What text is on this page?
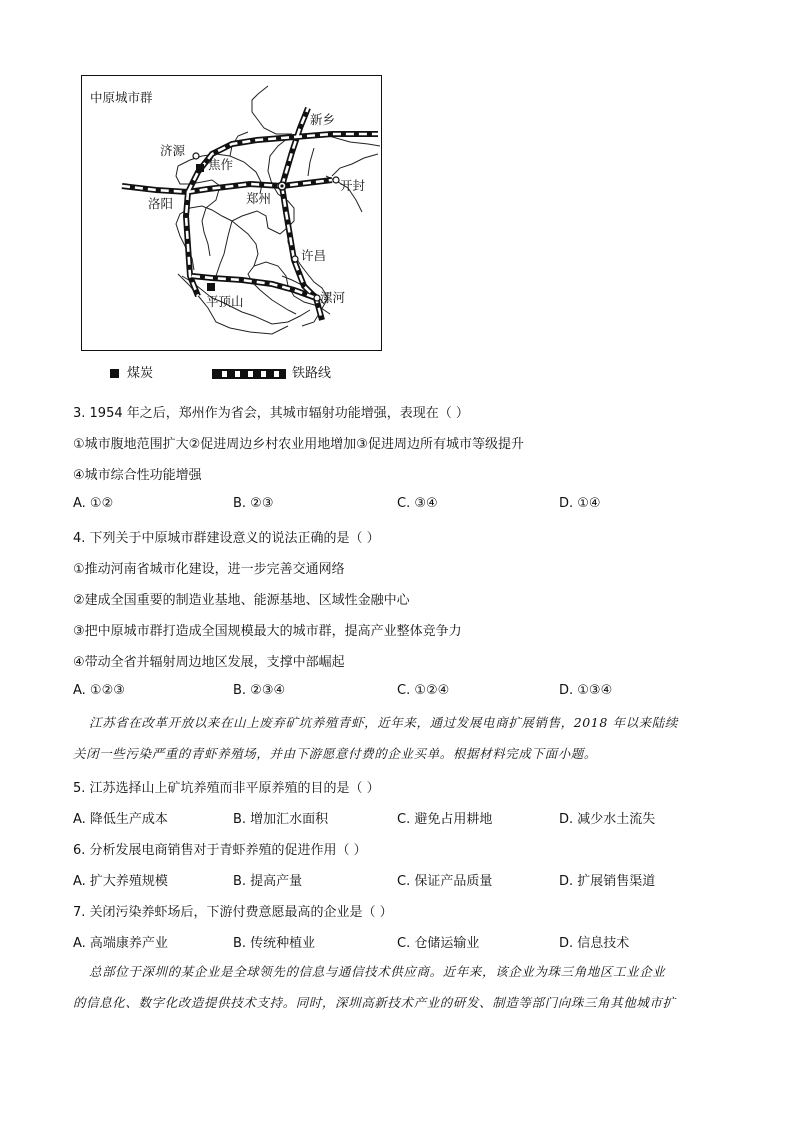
中原城市群
济源
焦作
新乡
开封
洛阳	郑州
许昌
平顶山	漯河
煤炭	铁路线
3. 1954 年之后，郑州作为省会，其城市辐射功能增强，表现在（ ）
①城市腹地范围扩大②促进周边乡村农业用地增加③促进周边所有城市等级提升
④城市综合性功能增强
A. ①②	B. ②③	C. ③④	D. ①④
4. 下列关于中原城市群建设意义的说法正确的是（ ）
①推动河南省城市化建设，进一步完善交通网络
②建成全国重要的制造业基地、能源基地、区域性金融中心
③把中原城市群打造成全国规模最大的城市群，提高产业整体竞争力
④带动全省并辐射周边地区发展，支撑中部崛起
A. ①②③	B. ②③④	C. ①②④	D. ①③④
江苏省在改革开放以来在山上废弃矿坑养殖青虾，近年来，通过发展电商扩展销售，2018 年以来陆续
关闭一些污染严重的青虾养殖场，并由下游愿意付费的企业买单。根据材料完成下面小题。
5. 江苏选择山上矿坑养殖而非平原养殖的目的是（ ）
A. 降低生产成本	B. 增加汇水面积	C. 避免占用耕地	D. 减少水土流失
6. 分析发展电商销售对于青虾养殖的促进作用（ ）
A. 扩大养殖规模	B. 提高产量	C. 保证产品质量	D. 扩展销售渠道
7. 关闭污染养虾场后，下游付费意愿最高的企业是（ ）
A. 高端康养产业	B. 传统种植业	C. 仓储运输业	D. 信息技术
总部位于深圳的某企业是全球领先的信息与通信技术供应商。近年来，该企业为珠三角地区工业企业
的信息化、数字化改造提供技术支持。同时，深圳高新技术产业的研发、制造等部门向珠三角其他城市扩
